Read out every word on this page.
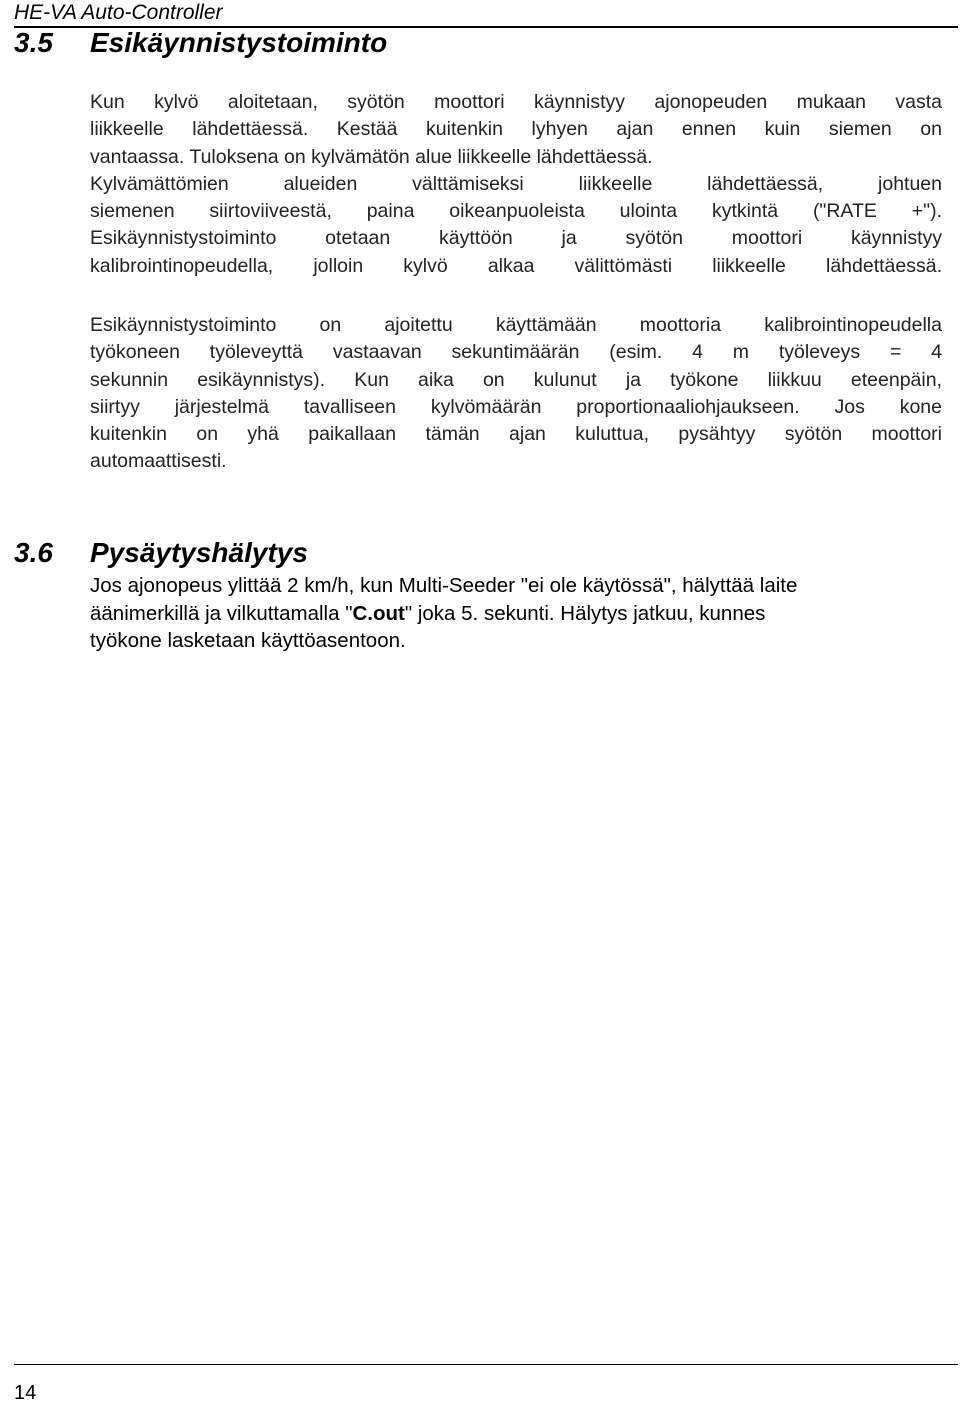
HE-VA Auto-Controller
3.5 Esikäynnistystoiminto
Kun kylvö aloitetaan, syötön moottori käynnistyy ajonopeuden mukaan vasta
liikkeelle lähdettäessä. Kestää kuitenkin lyhyen ajan ennen kuin siemen on
vantaassa. Tuloksena on kylvämätön alue liikkeelle lähdettäessä.
Kylvämättömien alueiden välttämiseksi liikkeelle lähdettäessä, johtuen
siemenen siirtoviiveestä, paina oikeanpuoleista ulointa kytkintä ("RATE +").
Esikäynnistystoiminto otetaan käyttöön ja syötön moottori käynnistyy
kalibrointinopeudella, jolloin kylvö alkaa välittömästi liikkeelle lähdettäessä.
Esikäynnistystoiminto on ajoitettu käyttämään moottoria kalibrointinopeudella
työkoneen työleveyttä vastaavan sekuntimäärän (esim. 4 m työleveys = 4
sekunnin esikäynnistys). Kun aika on kulunut ja työkone liikkuu eteenpäin,
siirtyy järjestelmä tavalliseen kylvömäärän proportionaaliohjaukseen. Jos kone
kuitenkin on yhä paikallaan tämän ajan kuluttua, pysähtyy syötön moottori
automaattisesti.
3.6 Pysäytyshälytys
Jos ajonopeus ylittää 2 km/h, kun Multi-Seeder "ei ole käytössä", hälyttää laite
äänimerkillä ja vilkuttamalla "C.out" joka 5. sekunti. Hälytys jatkuu, kunnes
työkone lasketaan käyttöasentoon.
14
